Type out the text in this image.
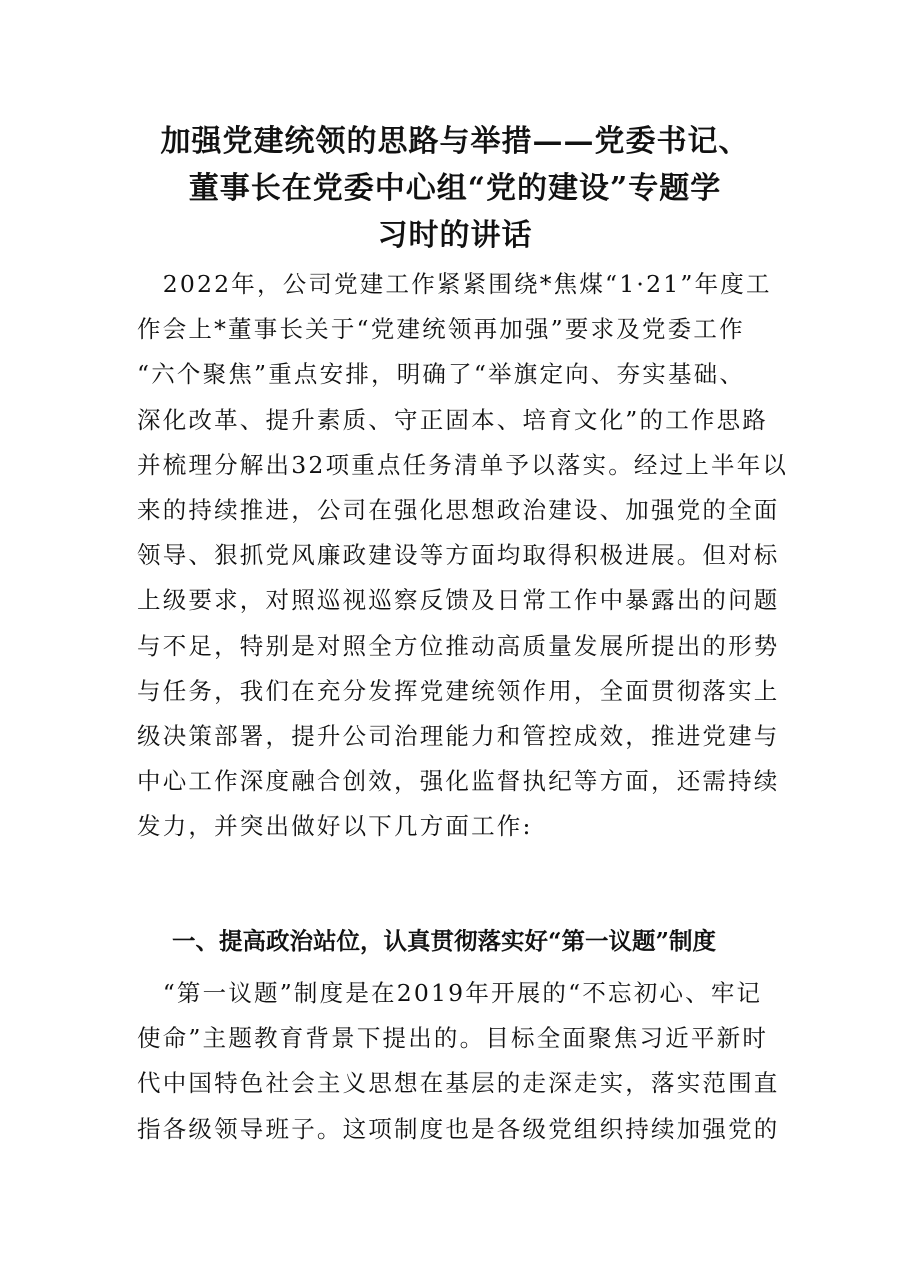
加强党建统领的思路与举措——党委书记、
董事长在党委中心组“党的建设”专题学
习时的讲话
　2022年，公司党建工作紧紧围绕*焦煤“1·21”年度工
作会上*董事长关于“党建统领再加强”要求及党委工作
“六个聚焦”重点安排，明确了“举旗定向、夯实基础、
深化改革、提升素质、守正固本、培育文化”的工作思路
并梳理分解出32项重点任务清单予以落实。经过上半年以
来的持续推进，公司在强化思想政治建设、加强党的全面
领导、狠抓党风廉政建设等方面均取得积极进展。但对标
上级要求，对照巡视巡察反馈及日常工作中暴露出的问题
与不足，特别是对照全方位推动高质量发展所提出的形势
与任务，我们在充分发挥党建统领作用，全面贯彻落实上
级决策部署，提升公司治理能力和管控成效，推进党建与
中心工作深度融合创效，强化监督执纪等方面，还需持续
发力，并突出做好以下几方面工作:
一、提高政治站位，认真贯彻落实好“第一议题”制度
　“第一议题”制度是在2019年开展的“不忘初心、牢记
使命”主题教育背景下提出的。目标全面聚焦习近平新时
代中国特色社会主义思想在基层的走深走实，落实范围直
指各级领导班子。这项制度也是各级党组织持续加强党的
